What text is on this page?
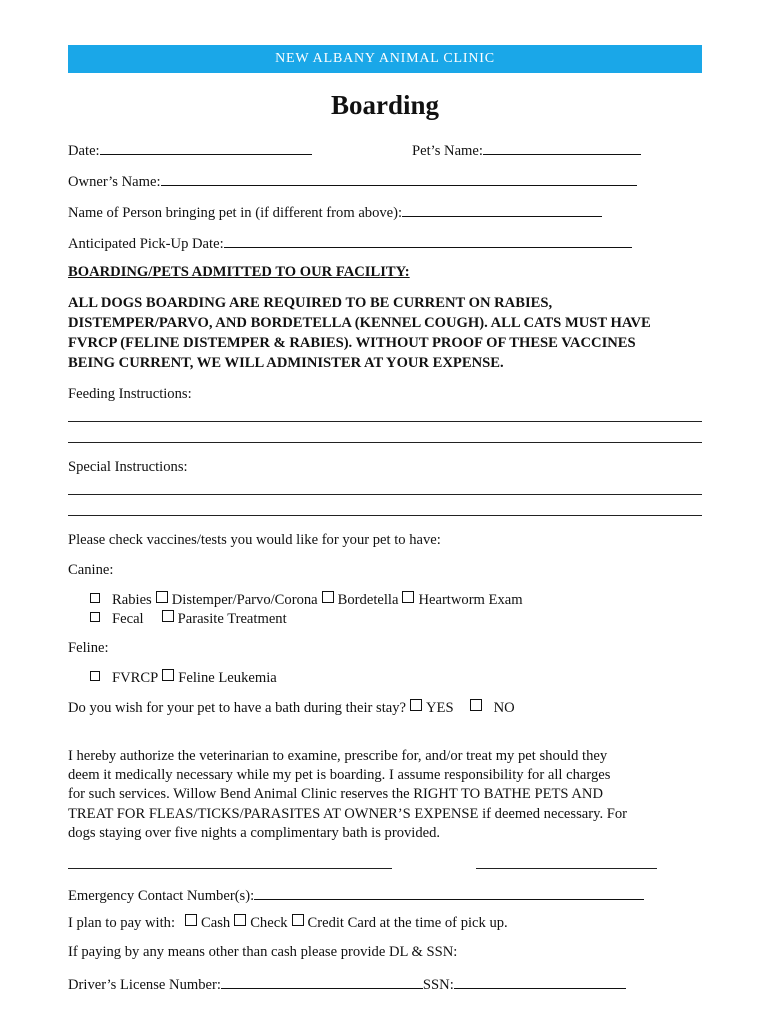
NEW ALBANY ANIMAL CLINIC
Boarding
Date:	Pet’s Name:
Owner’s Name:
Name of Person bringing pet in (if different from above):
Anticipated Pick-Up Date:
BOARDING/PETS ADMITTED TO OUR FACILITY:
ALL DOGS BOARDING ARE REQUIRED TO BE CURRENT ON RABIES,
DISTEMPER/PARVO, AND BORDETELLA (KENNEL COUGH). ALL CATS MUST HAVE
FVRCP (FELINE DISTEMPER & RABIES). WITHOUT PROOF OF THESE VACCINES
BEING CURRENT, WE WILL ADMINISTER AT YOUR EXPENSE.
Feeding Instructions:
Special Instructions:
Please check vaccines/tests you would like for your pet to have:
Canine:
Rabies Distemper/Parvo/Corona Bordetella Heartworm Exam
Fecal Parasite Treatment
Feline:
FVRCP Feline Leukemia
Do you wish for your pet to have a bath during their stay? YES	NO
I hereby authorize the veterinarian to examine, prescribe for, and/or treat my pet should they
deem it medically necessary while my pet is boarding. I assume responsibility for all charges
for such services. Willow Bend Animal Clinic reserves the RIGHT TO BATHE PETS AND
TREAT FOR FLEAS/TICKS/PARASITES AT OWNER’S EXPENSE if deemed necessary. For
dogs staying over five nights a complimentary bath is provided.
Emergency Contact Number(s):
I plan to pay with: Cash Check Credit Card at the time of pick up.
If paying by any means other than cash please provide DL & SSN:
Driver’s License Number:	SSN:
